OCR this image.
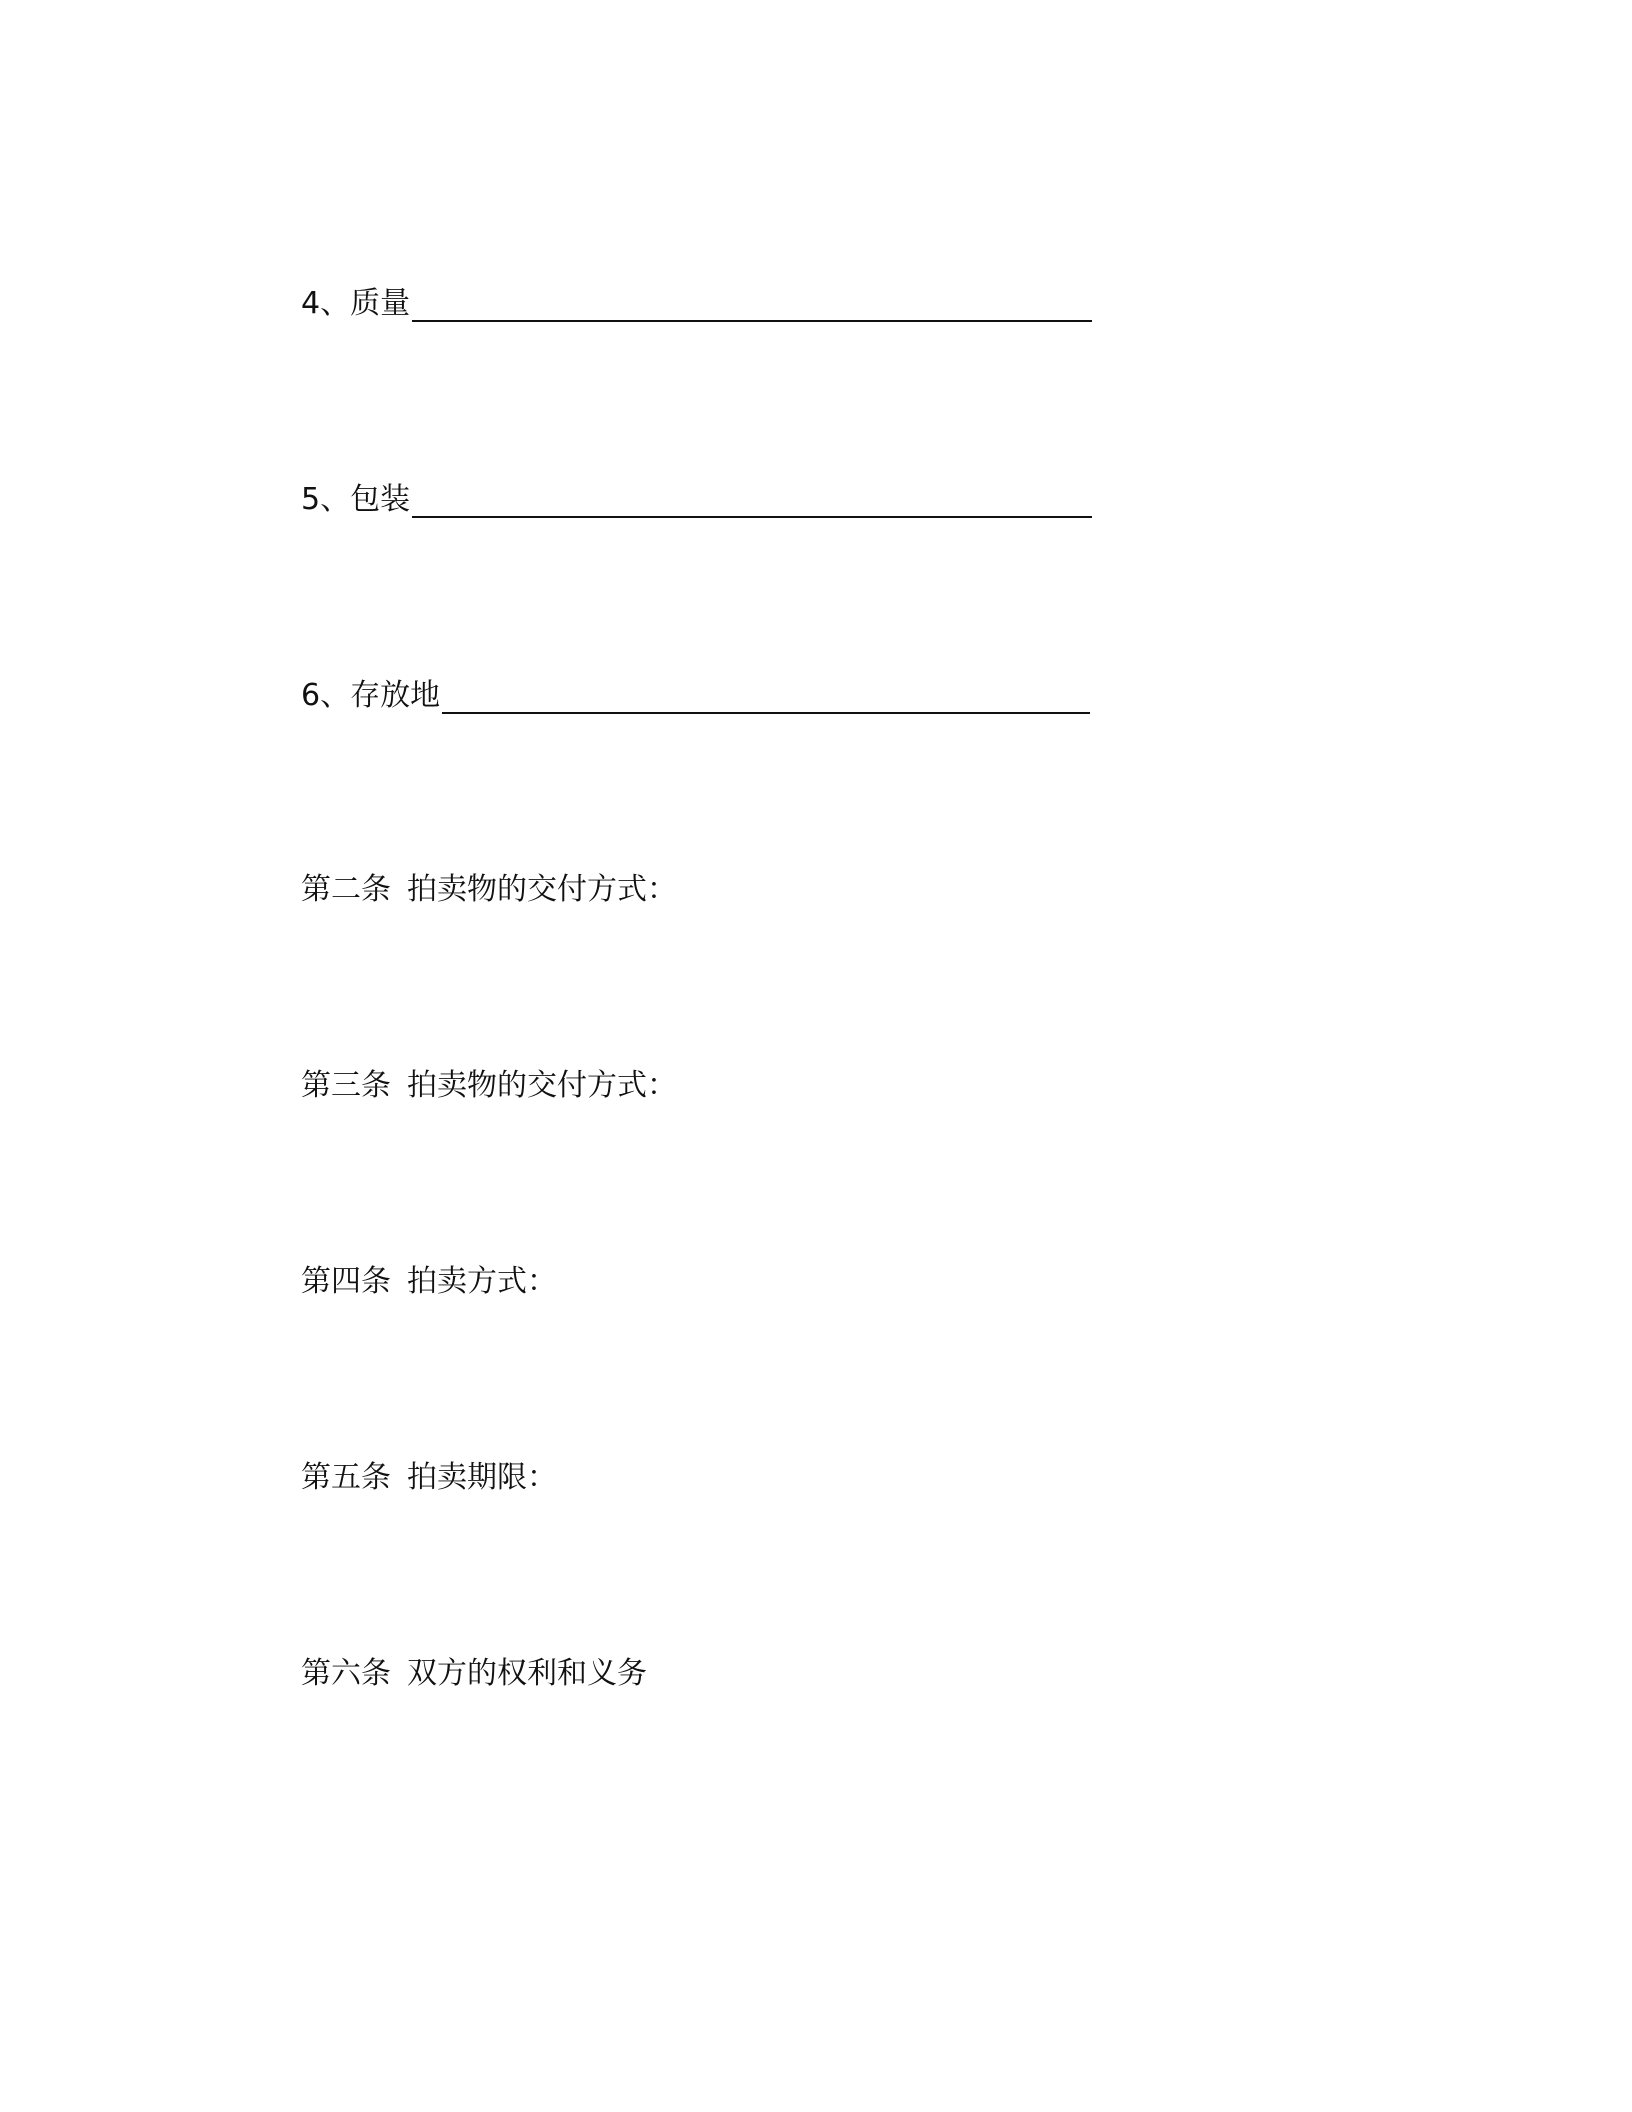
4、质量
5、包装
6、存放地
第二条 拍卖物的交付方式：
第三条 拍卖物的交付方式：
第四条 拍卖方式：
第五条 拍卖期限：
第六条 双方的权利和义务
